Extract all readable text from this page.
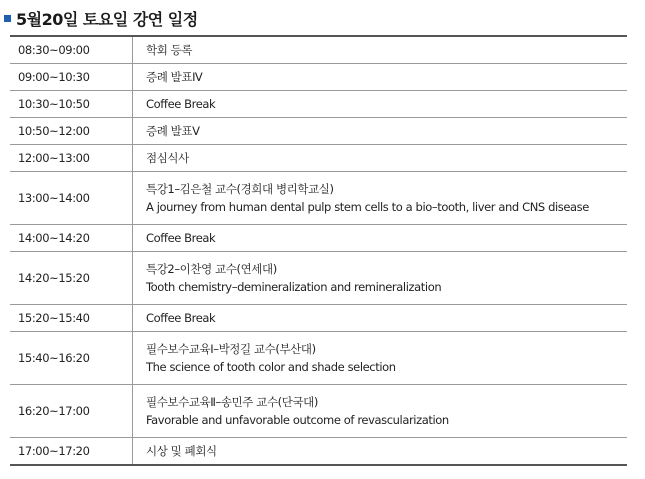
5월20일 토요일 강연 일정
08:30~09:00	학회 등록

09:00~10:30	증례 발표Ⅳ

10:30~10:50	Coffee Break

10:50~12:00	증례 발표Ⅴ

12:00~13:00	점심식사

13:00~14:00	특강1–김은철 교수(경희대 병리학교실)
A journey from human dental pulp stem cells to a bio–tooth, liver and CNS disease

14:00~14:20	Coffee Break

14:20~15:20	특강2–이찬영 교수(연세대)
Tooth chemistry–demineralization and remineralization

15:20~15:40	Coffee Break

15:40~16:20	필수보수교육Ⅰ–박정길 교수(부산대)
The science of tooth color and shade selection

16:20~17:00	필수보수교육Ⅱ–송민주 교수(단국대)
Favorable and unfavorable outcome of revascularization

17:00~17:20	시상 및 폐회식
